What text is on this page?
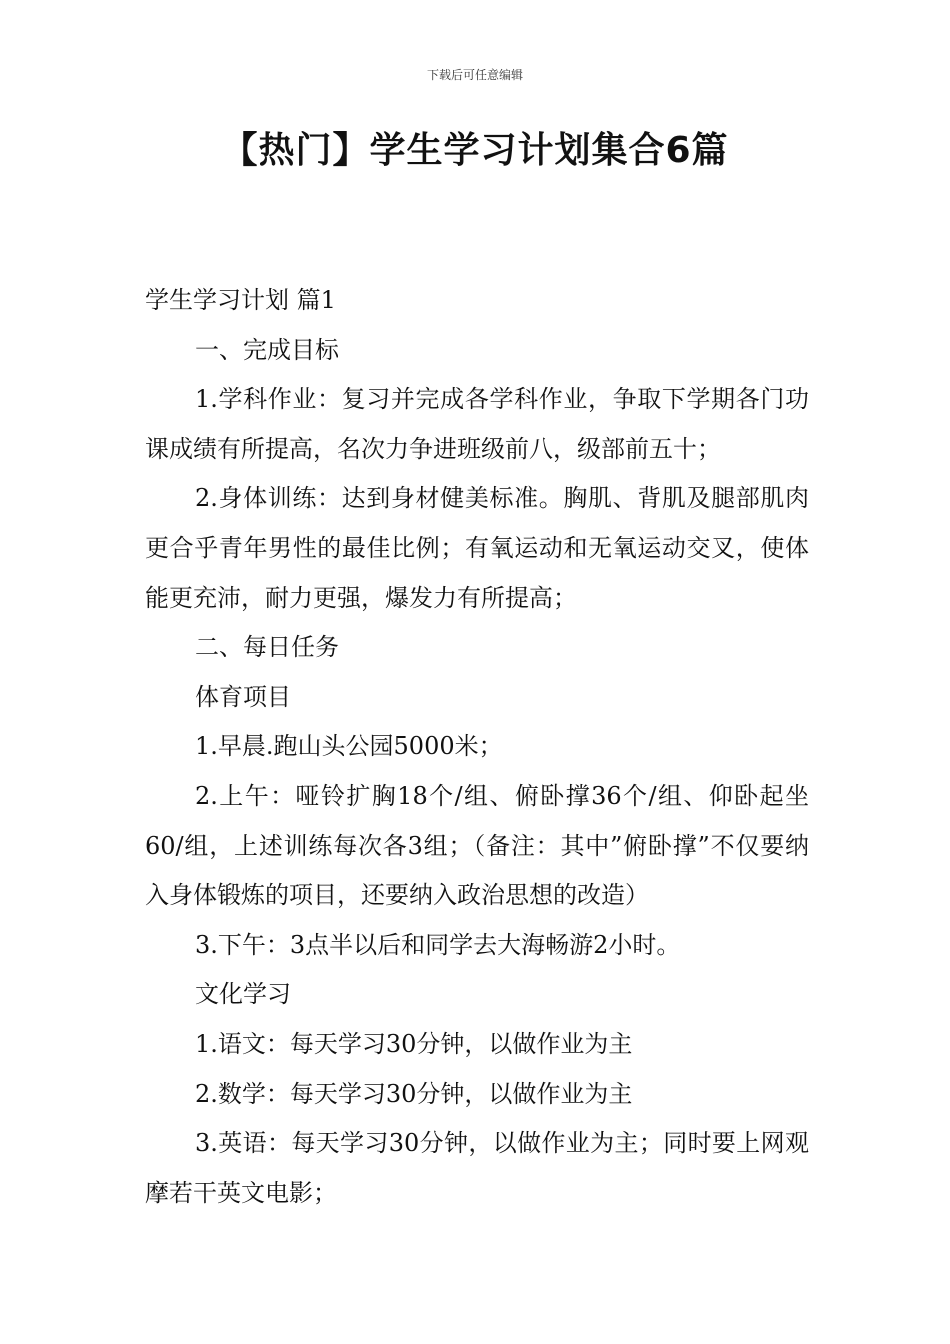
下载后可任意编辑
【热门】学生学习计划集合6篇

学生学习计划 篇1

一、完成目标

1.学科作业：复习并完成各学科作业，争取下学期各门功课成绩有所提高，名次力争进班级前八，级部前五十；

2.身体训练：达到身材健美标准。胸肌、背肌及腿部肌肉更合乎青年男性的最佳比例；有氧运动和无氧运动交叉，使体能更充沛，耐力更强，爆发力有所提高；

二、每日任务

体育项目

1.早晨.跑山头公园5000米；

2.上午：哑铃扩胸18个/组、俯卧撑36个/组、仰卧起坐60/组，上述训练每次各3组；（备注：其中”俯卧撑”不仅要纳入身体锻炼的项目，还要纳入政治思想的改造）

3.下午：3点半以后和同学去大海畅游2小时。

文化学习

1.语文：每天学习30分钟，以做作业为主

2.数学：每天学习30分钟，以做作业为主

3.英语：每天学习30分钟，以做作业为主；同时要上网观摩若干英文电影；
